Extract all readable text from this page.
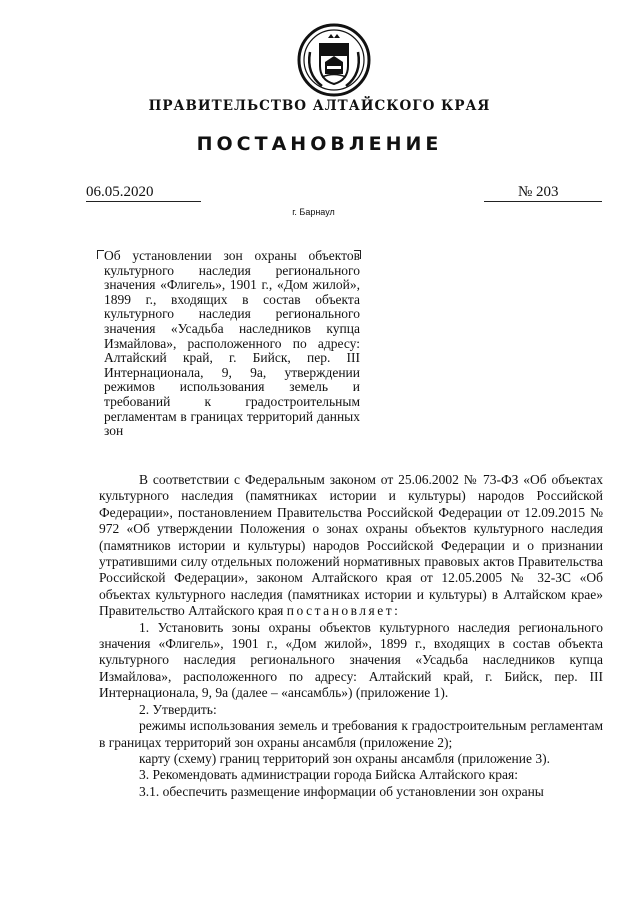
ПРАВИТЕЛЬСТВО АЛТАЙСКОГО КРАЯ
ПОСТАНОВЛЕНИЕ
06.05.2020	№ 203
г. Барнаул
Об установлении зон охраны объектов культурного наследия регионального значения «Флигель», 1901 г., «Дом жилой», 1899 г., входящих в состав объекта культурного наследия регионального значения «Усадьба наследников купца Измайлова», расположенного по адресу: Алтайский край, г. Бийск, пер. III Интернационала, 9, 9а, утверждении режимов использования земель и требований к градостроительным регламентам в границах территорий данных зон

В соответствии с Федеральным законом от 25.06.2002 № 73-ФЗ «Об объектах культурного наследия (памятниках истории и культуры) народов Российской Федерации», постановлением Правительства Российской Федерации от 12.09.2015 № 972 «Об утверждении Положения о зонах охраны объектов культурного наследия (памятников истории и культуры) народов Российской Федерации и о признании утратившими силу отдельных положений нормативных правовых актов Правительства Российской Федерации», законом Алтайского края от 12.05.2005 № 32-ЗС «Об объектах культурного наследия (памятниках истории и культуры) в Алтайском крае» Правительство Алтайского края постановляет:

1. Установить зоны охраны объектов культурного наследия регионального значения «Флигель», 1901 г., «Дом жилой», 1899 г., входящих в состав объекта культурного наследия регионального значения «Усадьба наследников купца Измайлова», расположенного по адресу: Алтайский край, г. Бийск, пер. III Интернационала, 9, 9а (далее – «ансамбль») (приложение 1).

2. Утвердить:

режимы использования земель и требования к градостроительным регламентам в границах территорий зон охраны ансамбля (приложение 2);

карту (схему) границ территорий зон охраны ансамбля (приложение 3).

3. Рекомендовать администрации города Бийска Алтайского края:

3.1. обеспечить размещение информации об установлении зон охраны
